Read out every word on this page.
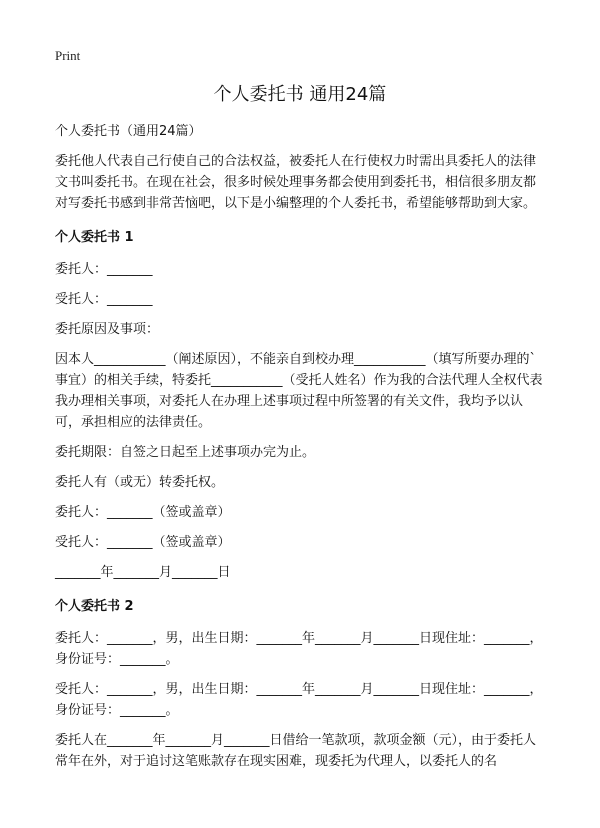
Print
个人委托书 通用24篇

个人委托书（通用24篇）

委托他人代表自己行使自己的合法权益，被委托人在行使权力时需出具委托人的法律文书叫委托书。在现在社会，很多时候处理事务都会使用到委托书，相信很多朋友都对写委托书感到非常苦恼吧，以下是小编整理的个人委托书，希望能够帮助到大家。

个人委托书 1

委托人：_______

受托人：_______

委托原因及事项：

因本人___________（阐述原因），不能亲自到校办理___________（填写所要办理的`事宜）的相关手续，特委托___________（受托人姓名）作为我的合法代理人全权代表我办理相关事项，对委托人在办理上述事项过程中所签署的有关文件，我均予以认可，承担相应的法律责任。

委托期限：自签之日起至上述事项办完为止。

委托人有（或无）转委托权。

委托人：_______（签或盖章）

受托人：_______（签或盖章）

_______年_______月_______日

个人委托书 2

委托人：_______，男，出生日期：_______年_______月_______日现住址：_______，身份证号：_______。

受托人：_______，男，出生日期：_______年_______月_______日现住址：_______，身份证号：_______。

委托人在_______年_______月_______日借给一笔款项，款项金额（元），由于委托人常年在外，对于追讨这笔账款存在现实困难，现委托为代理人，以委托人的名
